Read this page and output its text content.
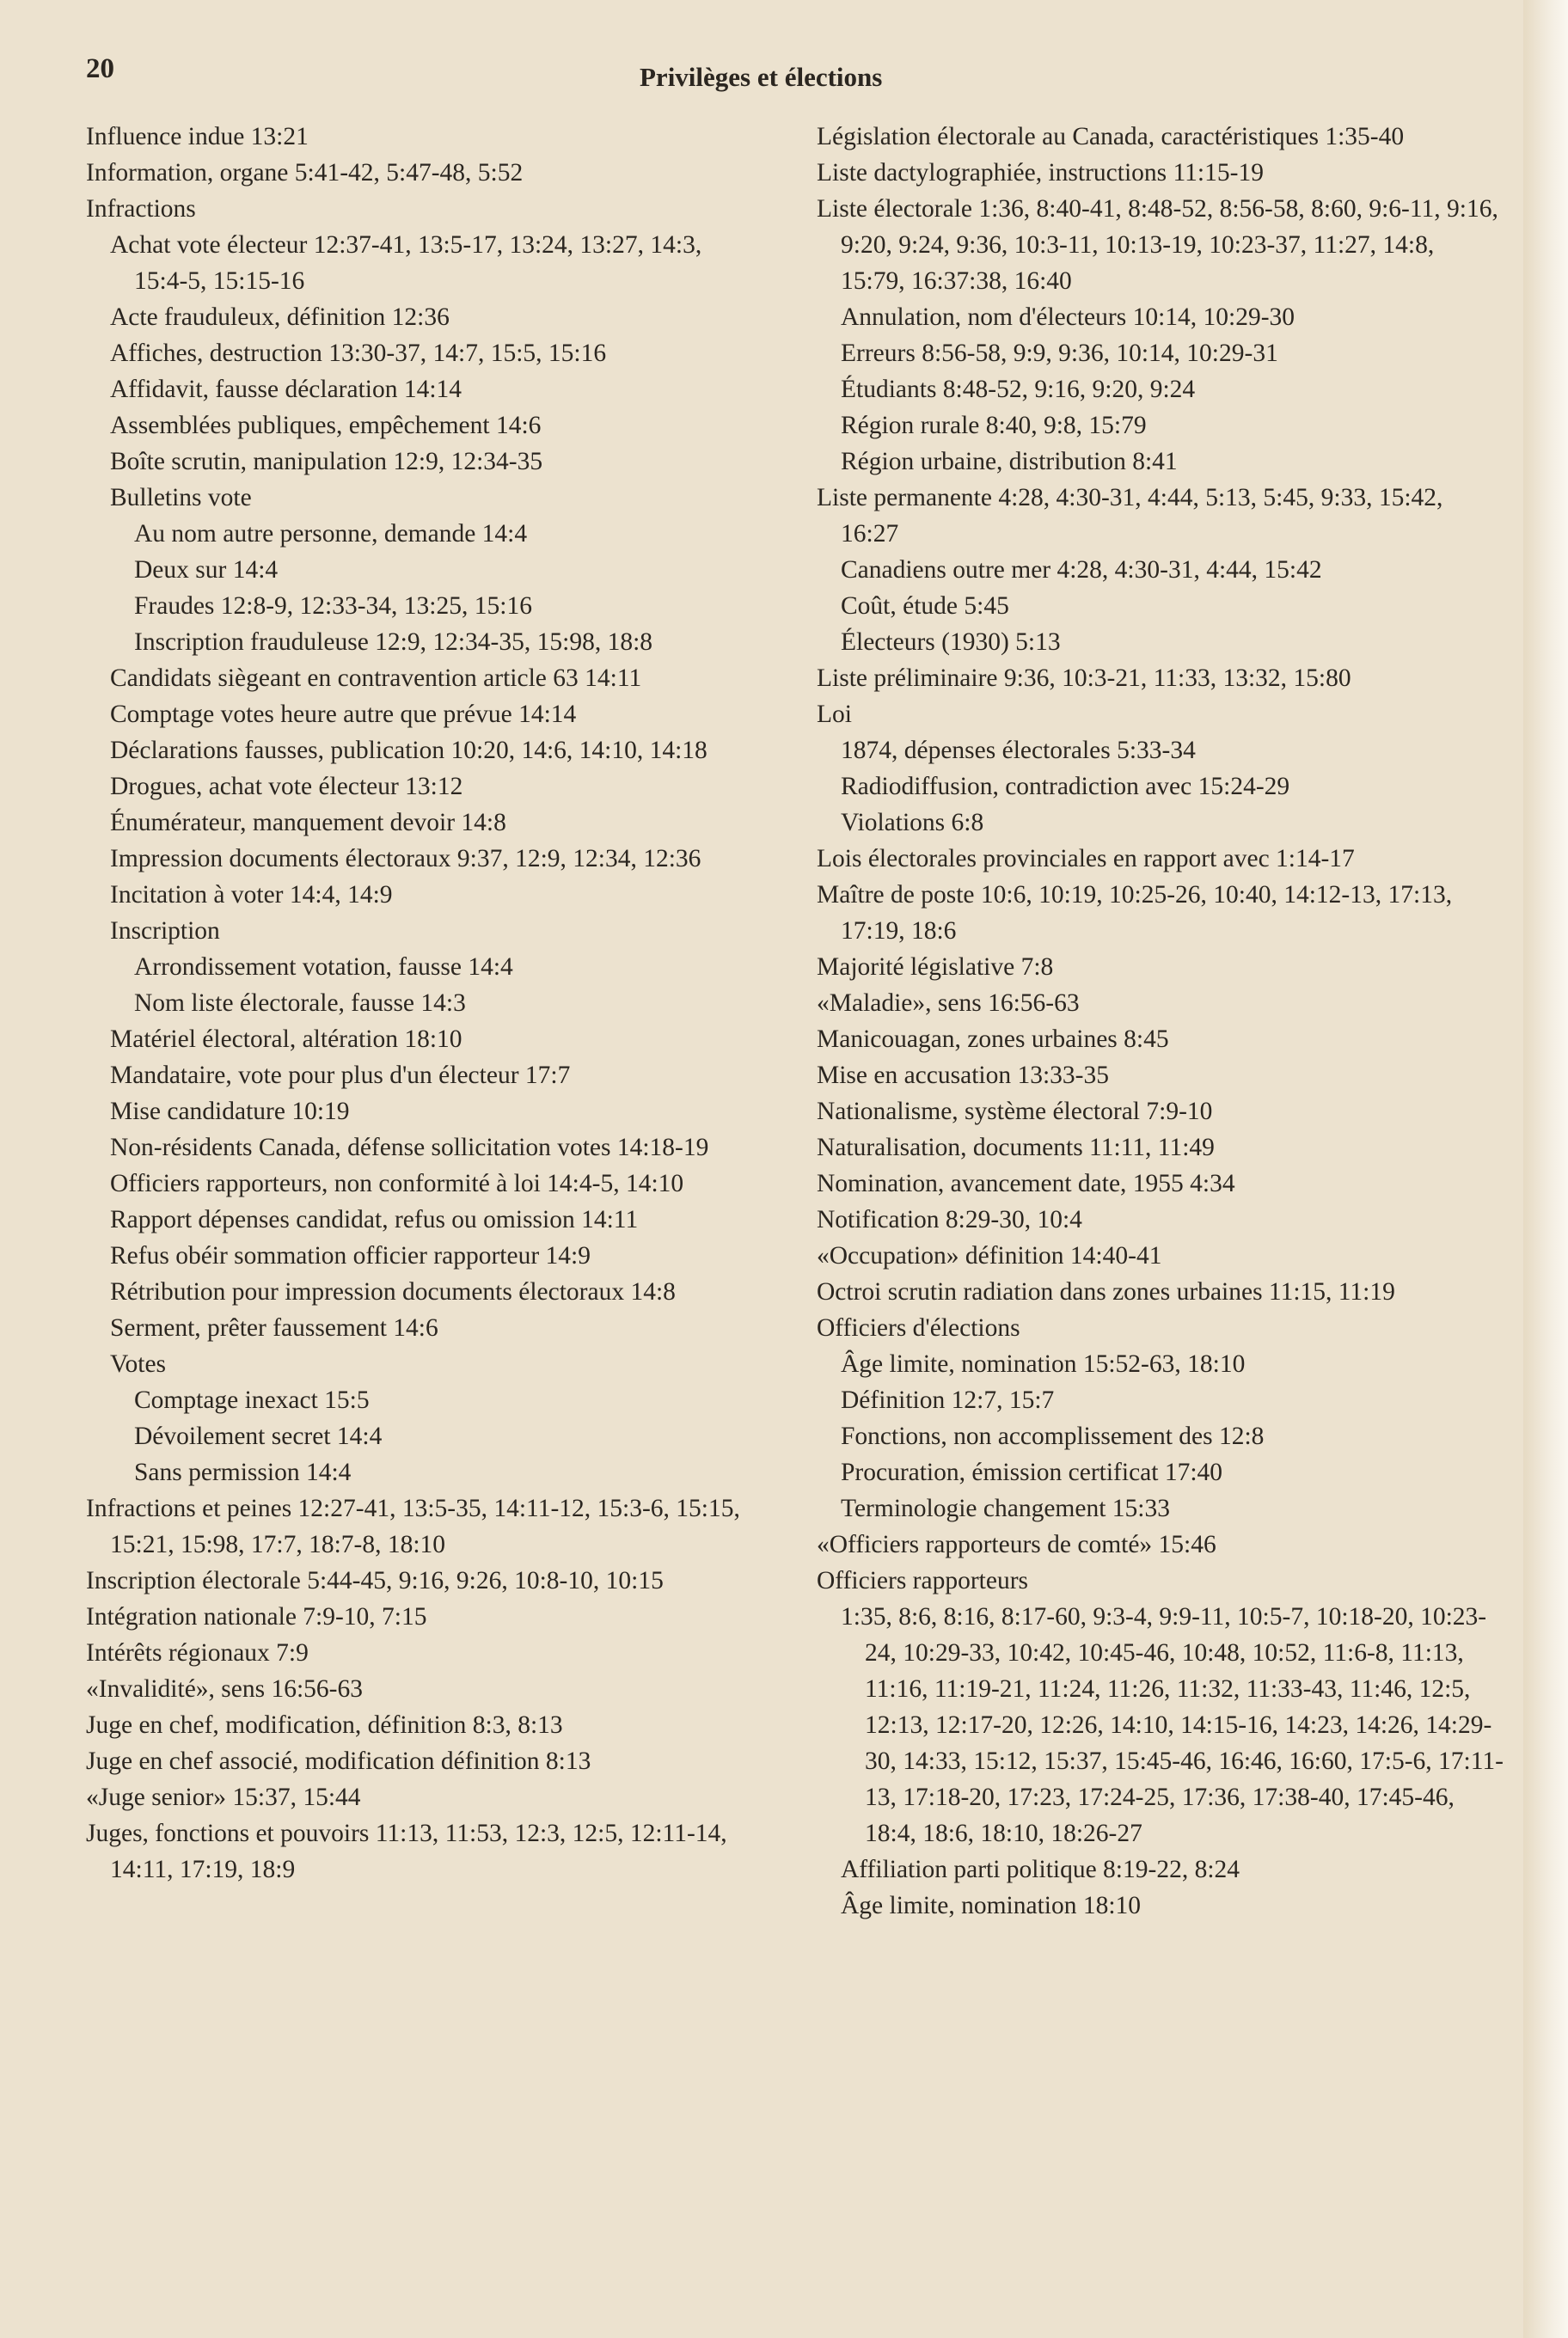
20	Privilèges et élections

Influence indue 13:21

Information, organe 5:41-42, 5:47-48, 5:52

Infractions

Achat vote électeur 12:37-41, 13:5-17, 13:24, 13:27, 14:3, 15:4-5, 15:15-16

Acte frauduleux, définition 12:36

Affiches, destruction 13:30-37, 14:7, 15:5, 15:16

Affidavit, fausse déclaration 14:14

Assemblées publiques, empêchement 14:6

Boîte scrutin, manipulation 12:9, 12:34-35

Bulletins vote

Au nom autre personne, demande 14:4

Deux sur 14:4

Fraudes 12:8-9, 12:33-34, 13:25, 15:16

Inscription frauduleuse 12:9, 12:34-35, 15:98, 18:8

Candidats siègeant en contravention article 63 14:11

Comptage votes heure autre que prévue 14:14

Déclarations fausses, publication 10:20, 14:6, 14:10, 14:18

Drogues, achat vote électeur 13:12

Énumérateur, manquement devoir 14:8

Impression documents électoraux 9:37, 12:9, 12:34, 12:36

Incitation à voter 14:4, 14:9

Inscription

Arrondissement votation, fausse 14:4

Nom liste électorale, fausse 14:3

Matériel électoral, altération 18:10

Mandataire, vote pour plus d'un électeur 17:7

Mise candidature 10:19

Non-résidents Canada, défense sollicitation votes 14:18-19

Officiers rapporteurs, non conformité à loi 14:4-5, 14:10

Rapport dépenses candidat, refus ou omission 14:11

Refus obéir sommation officier rapporteur 14:9

Rétribution pour impression documents électoraux 14:8

Serment, prêter faussement 14:6

Votes

Comptage inexact 15:5

Dévoilement secret 14:4

Sans permission 14:4

Infractions et peines 12:27-41, 13:5-35, 14:11-12, 15:3-6, 15:15, 15:21, 15:98, 17:7, 18:7-8, 18:10

Inscription électorale 5:44-45, 9:16, 9:26, 10:8-10, 10:15

Intégration nationale 7:9-10, 7:15

Intérêts régionaux 7:9

«Invalidité», sens 16:56-63

Juge en chef, modification, définition 8:3, 8:13

Juge en chef associé, modification définition 8:13

«Juge senior» 15:37, 15:44

Juges, fonctions et pouvoirs 11:13, 11:53, 12:3, 12:5, 12:11-14, 14:11, 17:19, 18:9

Législation électorale au Canada, caractéristiques 1:35-40

Liste dactylographiée, instructions 11:15-19

Liste électorale 1:36, 8:40-41, 8:48-52, 8:56-58, 8:60, 9:6-11, 9:16, 9:20, 9:24, 9:36, 10:3-11, 10:13-19, 10:23-37, 11:27, 14:8, 15:79, 16:37:38, 16:40

Annulation, nom d'électeurs 10:14, 10:29-30

Erreurs 8:56-58, 9:9, 9:36, 10:14, 10:29-31

Étudiants 8:48-52, 9:16, 9:20, 9:24

Région rurale 8:40, 9:8, 15:79

Région urbaine, distribution 8:41

Liste permanente 4:28, 4:30-31, 4:44, 5:13, 5:45, 9:33, 15:42, 16:27

Canadiens outre mer 4:28, 4:30-31, 4:44, 15:42

Coût, étude 5:45

Électeurs (1930) 5:13

Liste préliminaire 9:36, 10:3-21, 11:33, 13:32, 15:80

Loi

1874, dépenses électorales 5:33-34

Radiodiffusion, contradiction avec 15:24-29

Violations 6:8

Lois électorales provinciales en rapport avec 1:14-17

Maître de poste 10:6, 10:19, 10:25-26, 10:40, 14:12-13, 17:13, 17:19, 18:6

Majorité législative 7:8

«Maladie», sens 16:56-63

Manicouagan, zones urbaines 8:45

Mise en accusation 13:33-35

Nationalisme, système électoral 7:9-10

Naturalisation, documents 11:11, 11:49

Nomination, avancement date, 1955 4:34

Notification 8:29-30, 10:4

«Occupation» définition 14:40-41

Octroi scrutin radiation dans zones urbaines 11:15, 11:19

Officiers d'élections

Âge limite, nomination 15:52-63, 18:10

Définition 12:7, 15:7

Fonctions, non accomplissement des 12:8

Procuration, émission certificat 17:40

Terminologie changement 15:33

«Officiers rapporteurs de comté» 15:46

Officiers rapporteurs

1:35, 8:6, 8:16, 8:17-60, 9:3-4, 9:9-11, 10:5-7, 10:18-20, 10:23-24, 10:29-33, 10:42, 10:45-46, 10:48, 10:52, 11:6-8, 11:13, 11:16, 11:19-21, 11:24, 11:26, 11:32, 11:33-43, 11:46, 12:5, 12:13, 12:17-20, 12:26, 14:10, 14:15-16, 14:23, 14:26, 14:29-30, 14:33, 15:12, 15:37, 15:45-46, 16:46, 16:60, 17:5-6, 17:11-13, 17:18-20, 17:23, 17:24-25, 17:36, 17:38-40, 17:45-46, 18:4, 18:6, 18:10, 18:26-27

Affiliation parti politique 8:19-22, 8:24

Âge limite, nomination 18:10
